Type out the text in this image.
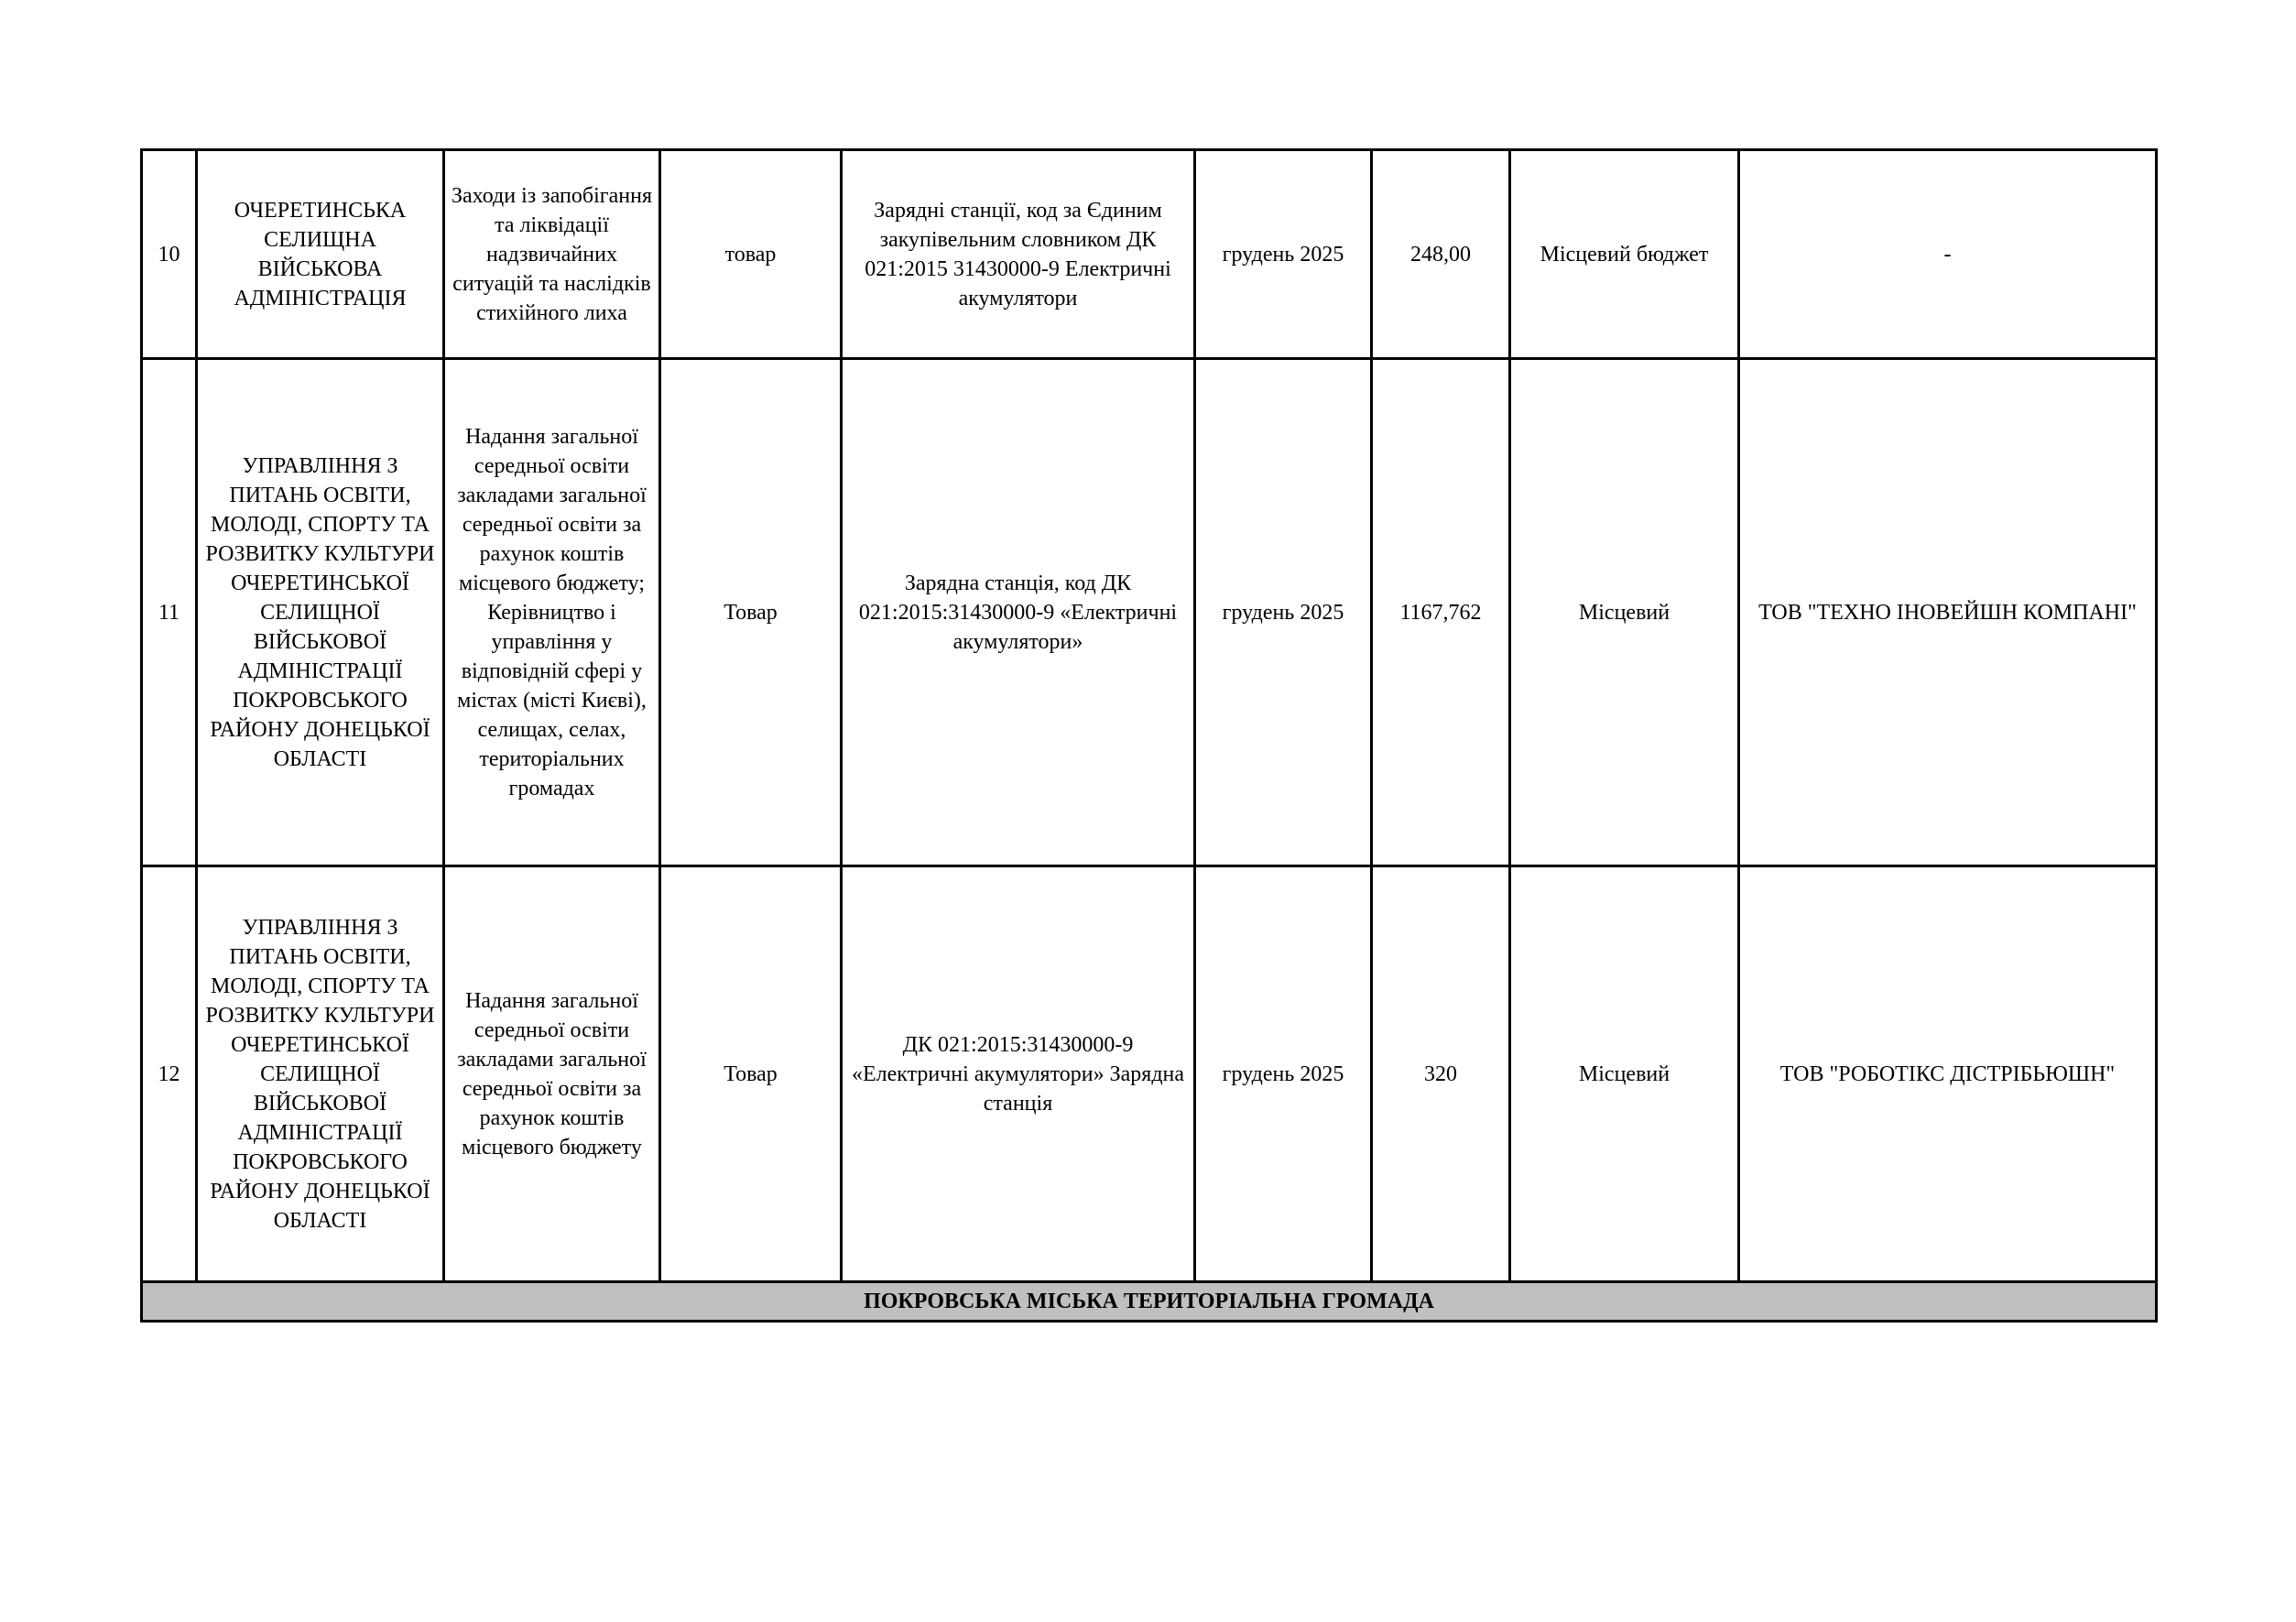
10	ОЧЕРЕТИНСЬКА СЕЛИЩНА ВІЙСЬКОВА АДМІНІСТРАЦІЯ	Заходи із запобігання та ліквідації надзвичайних ситуацій та наслідків стихійного лиха	товар	Зарядні станції, код за Єдиним закупівельним словником ДК 021:2015 31430000-9 Електричні акумулятори	грудень 2025	248,00	Місцевий бюджет	-
11	УПРАВЛІННЯ З ПИТАНЬ ОСВІТИ, МОЛОДІ, СПОРТУ ТА РОЗВИТКУ КУЛЬТУРИ ОЧЕРЕТИНСЬКОЇ СЕЛИЩНОЇ ВІЙСЬКОВОЇ АДМІНІСТРАЦІЇ ПОКРОВСЬКОГО РАЙОНУ ДОНЕЦЬКОЇ ОБЛАСТІ	Надання загальної середньої освіти закладами загальної середньої освіти за рахунок коштів місцевого бюджету; Керівництво і управління у відповідній сфері у містах (місті Києві), селищах, селах, територіальних громадах	Товар	Зарядна станція, код ДК 021:2015:31430000-9 «Електричні акумулятори»	грудень 2025	1167,762	Місцевий	ТОВ "ТЕХНО ІНОВЕЙШН КОМПАНІ"
12	УПРАВЛІННЯ З ПИТАНЬ ОСВІТИ, МОЛОДІ, СПОРТУ ТА РОЗВИТКУ КУЛЬТУРИ ОЧЕРЕТИНСЬКОЇ СЕЛИЩНОЇ ВІЙСЬКОВОЇ АДМІНІСТРАЦІЇ ПОКРОВСЬКОГО РАЙОНУ ДОНЕЦЬКОЇ ОБЛАСТІ	Надання загальної середньої освіти закладами загальної середньої освіти за рахунок коштів місцевого бюджету	Товар	ДК 021:2015:31430000-9 «Електричні акумулятори» Зарядна станція	грудень 2025	320	Місцевий	ТОВ "РОБОТІКС ДІСТРІБЬЮШН"
ПОКРОВСЬКА МІСЬКА ТЕРИТОРІАЛЬНА ГРОМАДА								
